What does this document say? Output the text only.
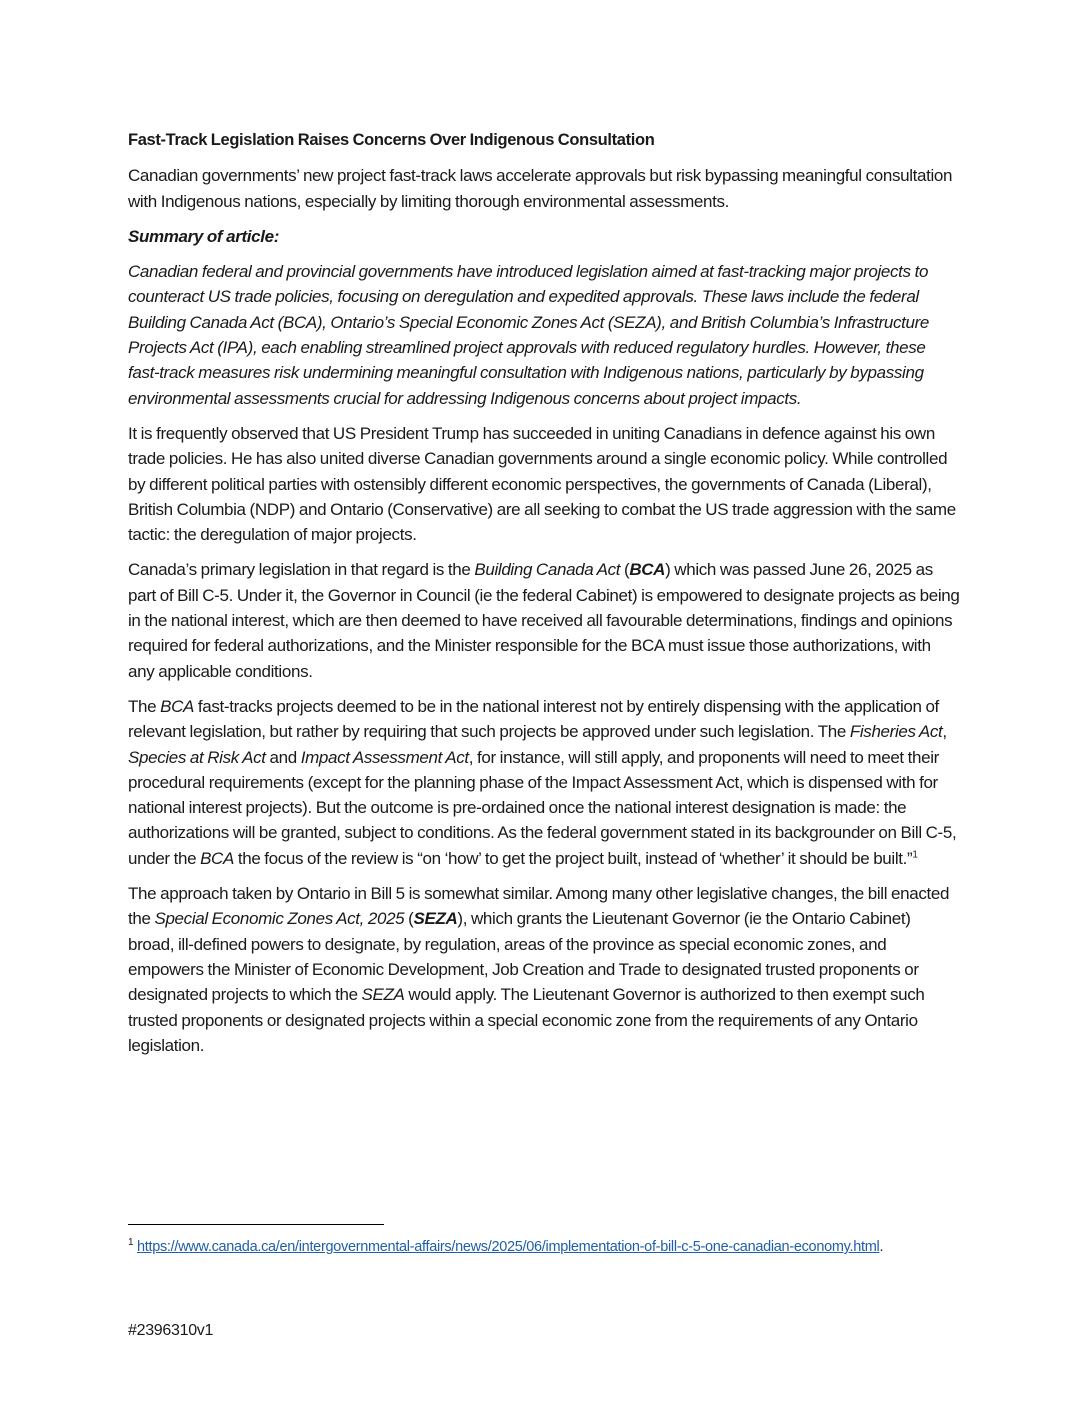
Fast-Track Legislation Raises Concerns Over Indigenous Consultation

Canadian governments’ new project fast-track laws accelerate approvals but risk bypassing meaningful consultation with Indigenous nations, especially by limiting thorough environmental assessments.

Summary of article:

Canadian federal and provincial governments have introduced legislation aimed at fast-tracking major projects to counteract US trade policies, focusing on deregulation and expedited approvals. These laws include the federal Building Canada Act (BCA), Ontario’s Special Economic Zones Act (SEZA), and British Columbia’s Infrastructure Projects Act (IPA), each enabling streamlined project approvals with reduced regulatory hurdles. However, these fast-track measures risk undermining meaningful consultation with Indigenous nations, particularly by bypassing environmental assessments crucial for addressing Indigenous concerns about project impacts.

It is frequently observed that US President Trump has succeeded in uniting Canadians in defence against his own trade policies. He has also united diverse Canadian governments around a single economic policy. While controlled by different political parties with ostensibly different economic perspectives, the governments of Canada (Liberal), British Columbia (NDP) and Ontario (Conservative) are all seeking to combat the US trade aggression with the same tactic: the deregulation of major projects.

Canada’s primary legislation in that regard is the Building Canada Act (BCA) which was passed June 26, 2025 as part of Bill C-5. Under it, the Governor in Council (ie the federal Cabinet) is empowered to designate projects as being in the national interest, which are then deemed to have received all favourable determinations, findings and opinions required for federal authorizations, and the Minister responsible for the BCA must issue those authorizations, with any applicable conditions.

The BCA fast-tracks projects deemed to be in the national interest not by entirely dispensing with the application of relevant legislation, but rather by requiring that such projects be approved under such legislation. The Fisheries Act, Species at Risk Act and Impact Assessment Act, for instance, will still apply, and proponents will need to meet their procedural requirements (except for the planning phase of the Impact Assessment Act, which is dispensed with for national interest projects). But the outcome is pre-ordained once the national interest designation is made: the authorizations will be granted, subject to conditions. As the federal government stated in its backgrounder on Bill C-5, under the BCA the focus of the review is “on ‘how’ to get the project built, instead of ‘whether’ it should be built.”$^1$

The approach taken by Ontario in Bill 5 is somewhat similar. Among many other legislative changes, the bill enacted the Special Economic Zones Act, 2025 (SEZA), which grants the Lieutenant Governor (ie the Ontario Cabinet) broad, ill-defined powers to designate, by regulation, areas of the province as special economic zones, and empowers the Minister of Economic Development, Job Creation and Trade to designated trusted proponents or designated projects to which the SEZA would apply. The Lieutenant Governor is authorized to then exempt such trusted proponents or designated projects within a special economic zone from the requirements of any Ontario legislation.

$^1$ https://www.canada.ca/en/intergovernmental-affairs/news/2025/06/implementation-of-bill-c-5-one-canadian-economy.html.
#2396310v1
